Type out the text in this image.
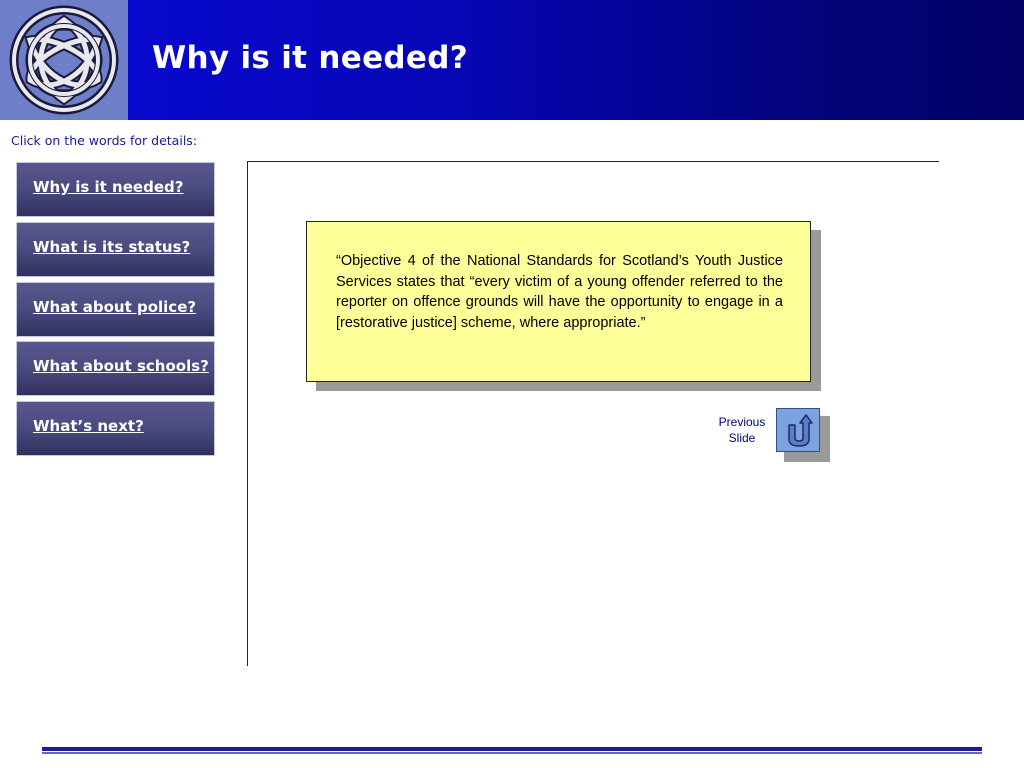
Why is it needed?
Click on the words for details:
Why is it needed?
What is its status?
What about police?
What about schools?
What’s next?
“Objective 4 of the National Standards for Scotland’s Youth Justice Services states that “every victim of a young offender referred to the reporter on offence grounds will have the opportunity to engage in a [restorative justice] scheme, where appropriate.”
Previous
Slide
